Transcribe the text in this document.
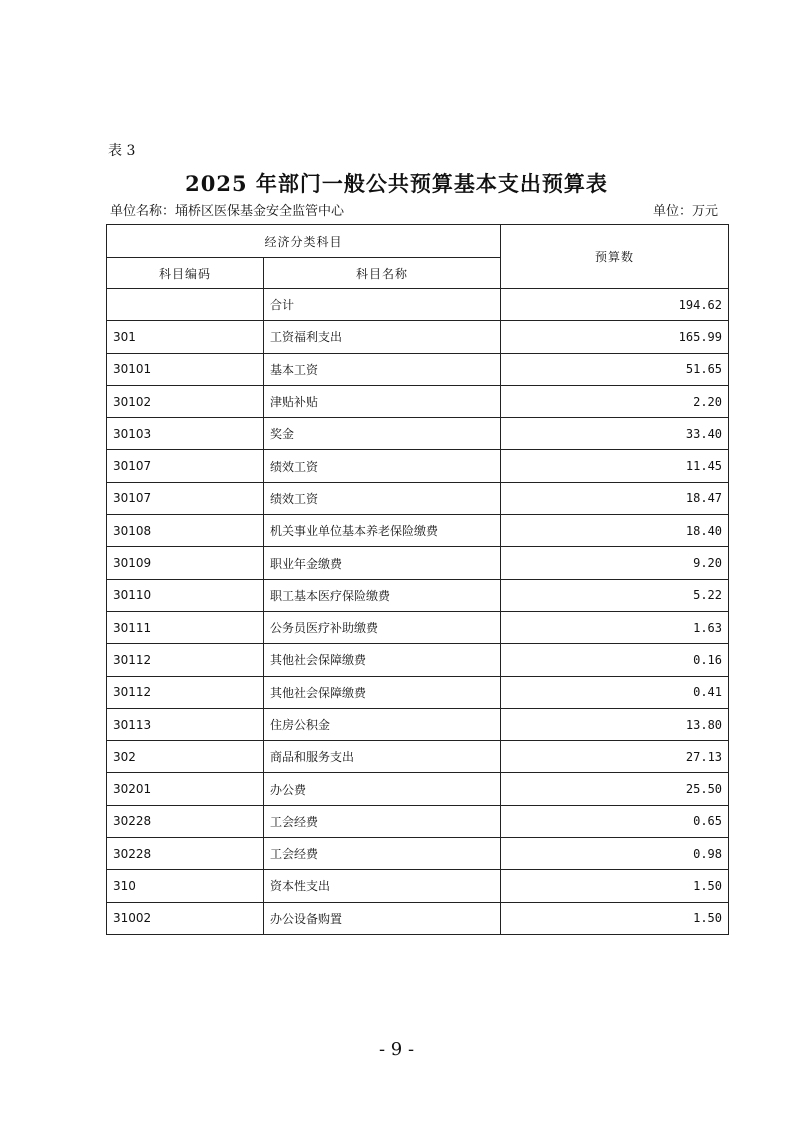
表 3
2025 年部门一般公共预算基本支出预算表
单位名称：埇桥区医保基金安全监管中心	单位：万元
经济分类科目		预算数
科目编码	科目名称	
	合计	194.62
301	工资福利支出	165.99
30101	基本工资	51.65
30102	津贴补贴	2.20
30103	奖金	33.40
30107	绩效工资	11.45
30107	绩效工资	18.47
30108	机关事业单位基本养老保险缴费	18.40
30109	职业年金缴费	9.20
30110	职工基本医疗保险缴费	5.22
30111	公务员医疗补助缴费	1.63
30112	其他社会保障缴费	0.16
30112	其他社会保障缴费	0.41
30113	住房公积金	13.80
302	商品和服务支出	27.13
30201	办公费	25.50
30228	工会经费	0.65
30228	工会经费	0.98
310	资本性支出	1.50
31002	办公设备购置	1.50
- 9 -
